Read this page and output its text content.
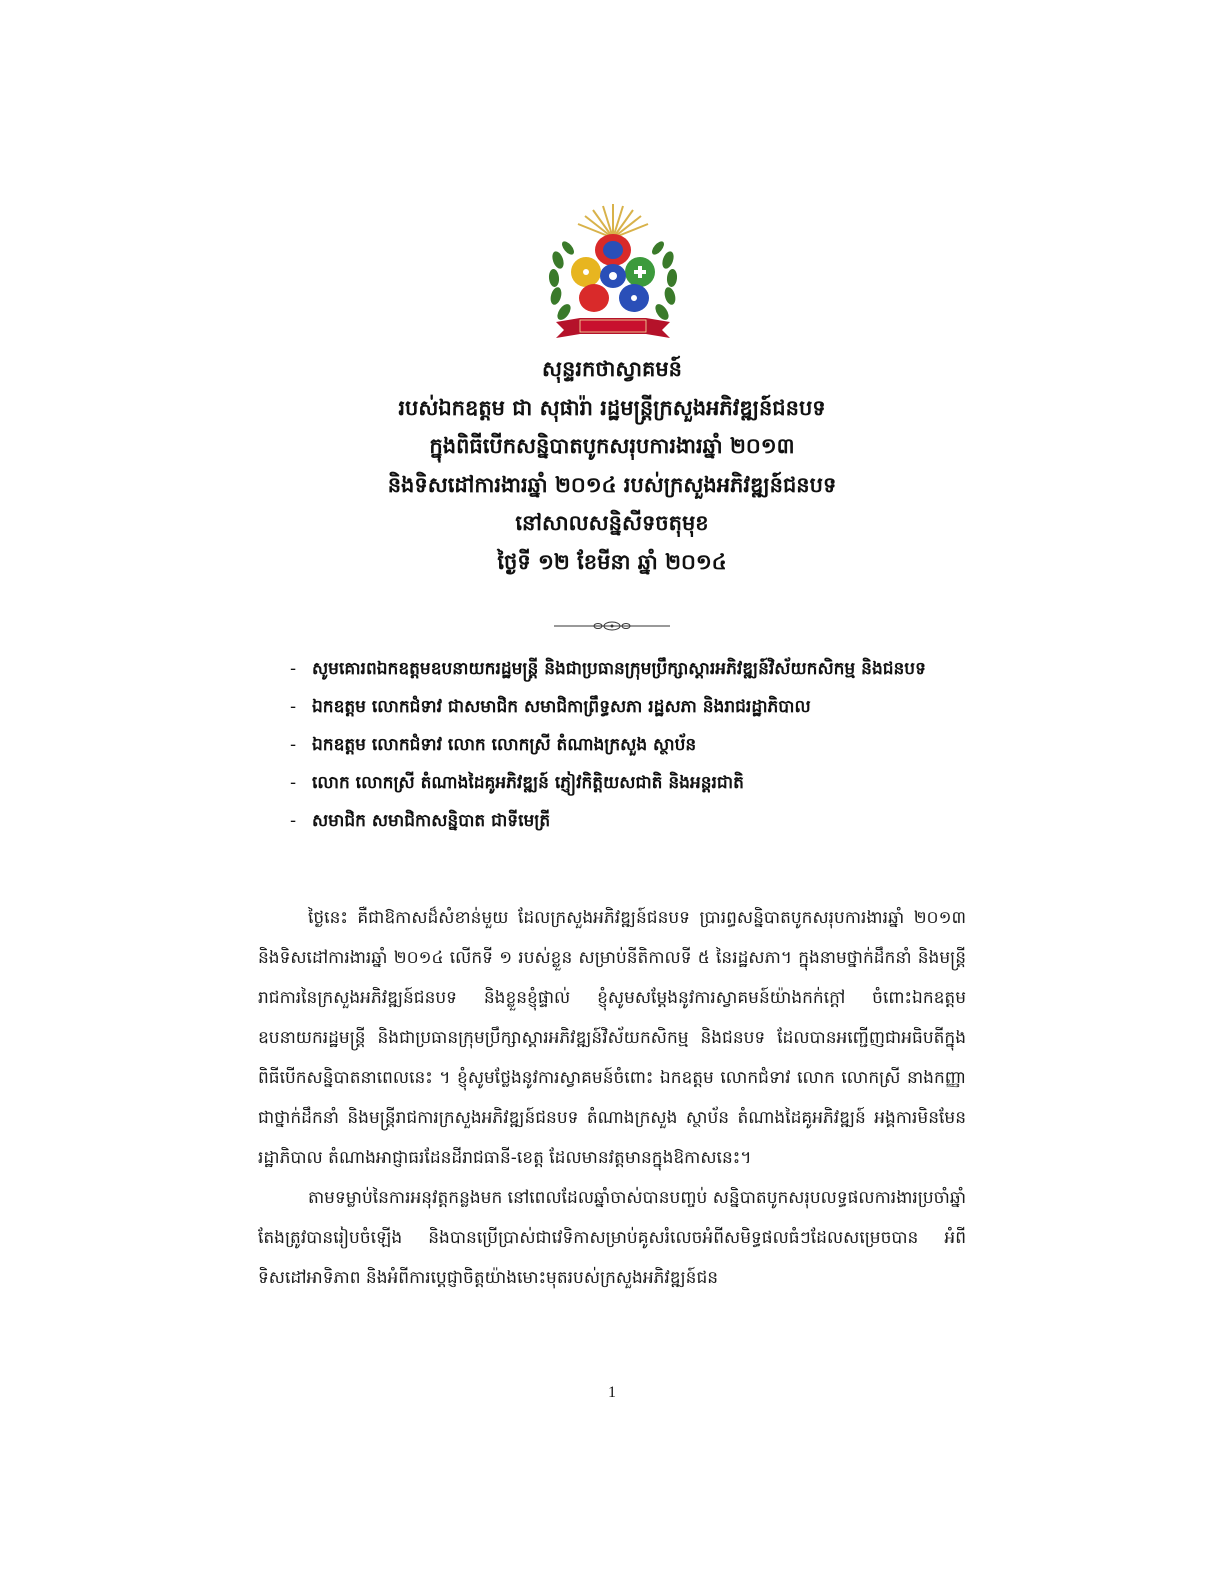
សុន្ទរកថាស្វាគមន៍
របស់ឯកឧត្តម ជា សុផារ៉ា រដ្ឋមន្ត្រីក្រសួងអភិវឌ្ឍន៍ជនបទ
ក្នុងពិធីបើកសន្និបាតបូកសរុបការងារឆ្នាំ ២០១៣
និងទិសដៅការងារឆ្នាំ ២០១៤ របស់ក្រសួងអភិវឌ្ឍន៍ជនបទ
នៅសាលសន្និសីទចតុមុខ
ថ្ងៃទី ១២ ខែមីនា ឆ្នាំ ២០១៤
- សូមគោរពឯកឧត្តមឧបនាយករដ្ឋមន្ត្រី និងជាប្រធានក្រុមប្រឹក្សាស្តារអភិវឌ្ឍន៍វិស័យកសិកម្ម និងជនបទ
- ឯកឧត្តម លោកជំទាវ ជាសមាជិក សមាជិកាព្រឹទ្ធសភា រដ្ឋសភា និងរាជរដ្ឋាភិបាល
- ឯកឧត្តម លោកជំទាវ លោក លោកស្រី តំណាងក្រសួង ស្ថាប័ន
- លោក លោកស្រី តំណាងដៃគូអភិវឌ្ឍន៍ ភ្ញៀវកិត្តិយសជាតិ និងអន្តរជាតិ
- សមាជិក សមាជិកាសន្និបាត ជាទីមេត្រី

ថ្ងៃនេះ គឺជាឱកាសដ៏សំខាន់មួយ ដែលក្រសួងអភិវឌ្ឍន៍ជនបទ ប្រារព្ធសន្និបាតបូកសរុបការងារឆ្នាំ ២០១៣ និងទិសដៅការងារឆ្នាំ ២០១៤ លើកទី ១ របស់ខ្លួន សម្រាប់នីតិកាលទី ៥ នៃរដ្ឋសភា។ ក្នុងនាមថ្នាក់ដឹកនាំ និងមន្ត្រីរាជការនៃក្រសួងអភិវឌ្ឍន៍ជនបទ និងខ្លួនខ្ញុំផ្ទាល់ ខ្ញុំសូមសម្តែងនូវការស្វាគមន៍យ៉ាងកក់ក្តៅ ចំពោះឯកឧត្តមឧបនាយករដ្ឋមន្ត្រី និងជាប្រធានក្រុមប្រឹក្សាស្តារអភិវឌ្ឍន៍វិស័យកសិកម្ម និងជនបទ ដែលបានអញ្ជើញជាអធិបតីក្នុងពិធីបើកសន្និបាតនាពេលនេះ ។ ខ្ញុំសូមថ្លែងនូវការស្វាគមន៍ចំពោះ ឯកឧត្តម លោកជំទាវ លោក លោកស្រី នាងកញ្ញា ជាថ្នាក់ដឹកនាំ និងមន្ត្រីរាជការក្រសួងអភិវឌ្ឍន៍ជនបទ តំណាងក្រសួង ស្ថាប័ន តំណាងដៃគូអភិវឌ្ឍន៍ អង្គការមិនមែនរដ្ឋាភិបាល តំណាងអាជ្ញាធរដែនដីរាជធានី-ខេត្ត ដែលមានវត្តមានក្នុងឱកាសនេះ។

តាមទម្លាប់នៃការអនុវត្តកន្លងមក នៅពេលដែលឆ្នាំចាស់បានបញ្ចប់ សន្និបាតបូកសរុបលទ្ធផលការងារប្រចាំឆ្នាំ តែងត្រូវបានរៀបចំឡើង និងបានប្រើប្រាស់ជាវេទិកាសម្រាប់គូសរំលេចអំពីសមិទ្ធផលធំៗដែលសម្រេចបាន អំពីទិសដៅអាទិភាព និងអំពីការប្តេជ្ញាចិត្តយ៉ាងមោះមុតរបស់ក្រសួងអភិវឌ្ឍន៍ជន

1
